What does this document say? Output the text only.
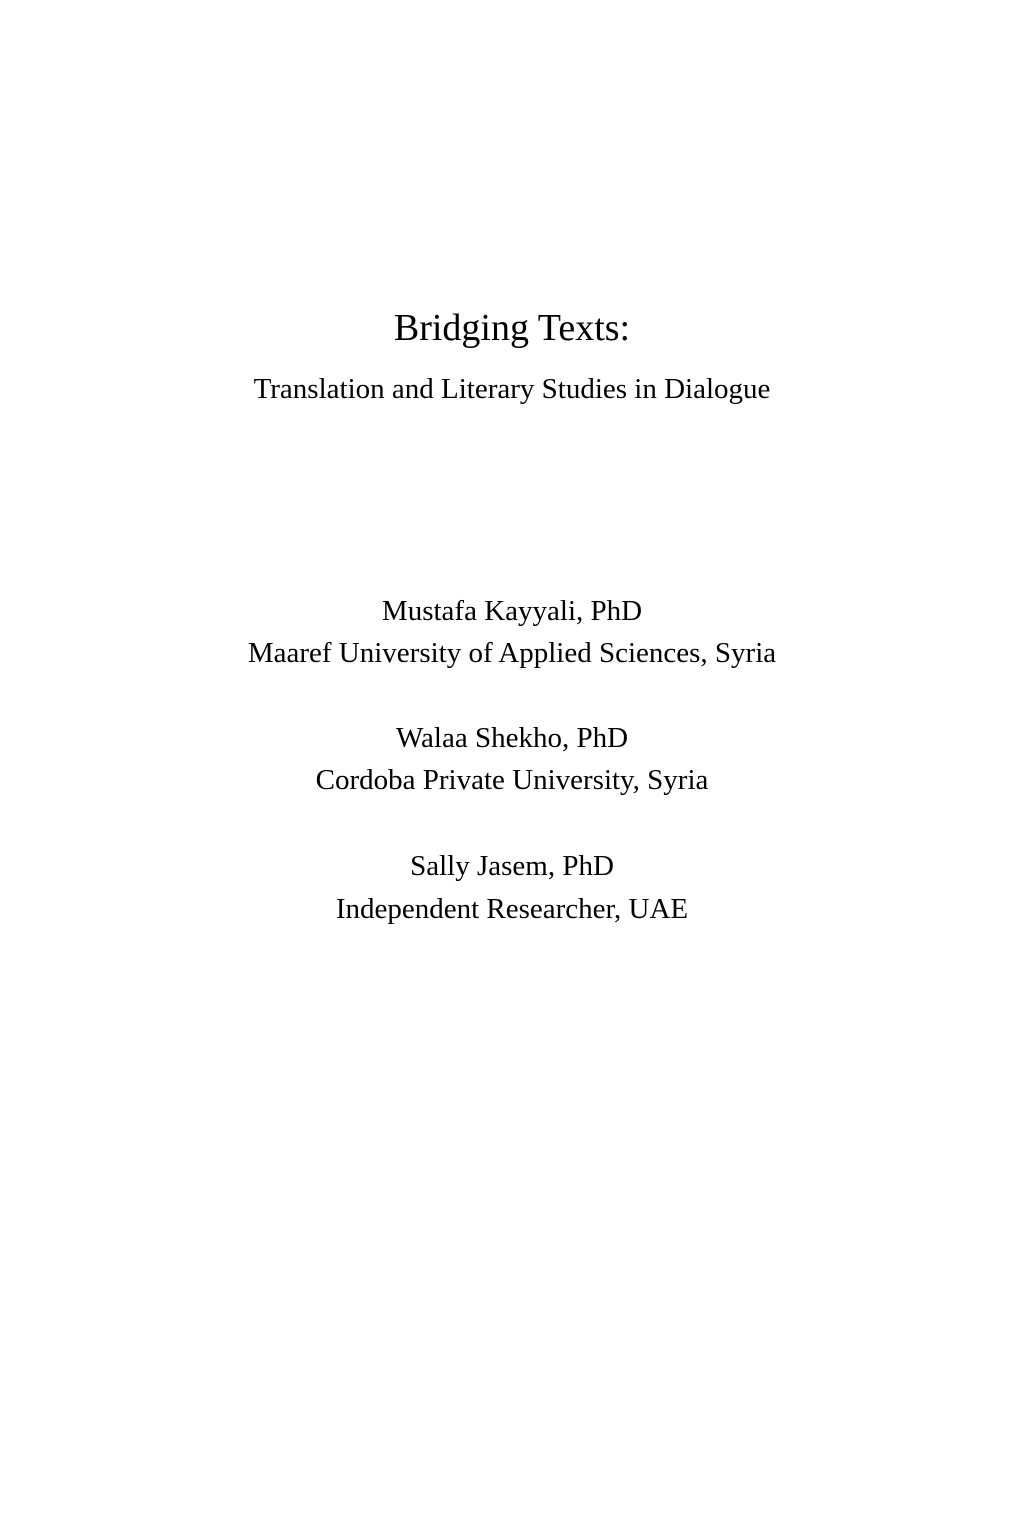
Bridging Texts:
Translation and Literary Studies in Dialogue
Mustafa Kayyali, PhD
Maaref University of Applied Sciences, Syria
Walaa Shekho, PhD
Cordoba Private University, Syria
Sally Jasem, PhD
Independent Researcher, UAE
